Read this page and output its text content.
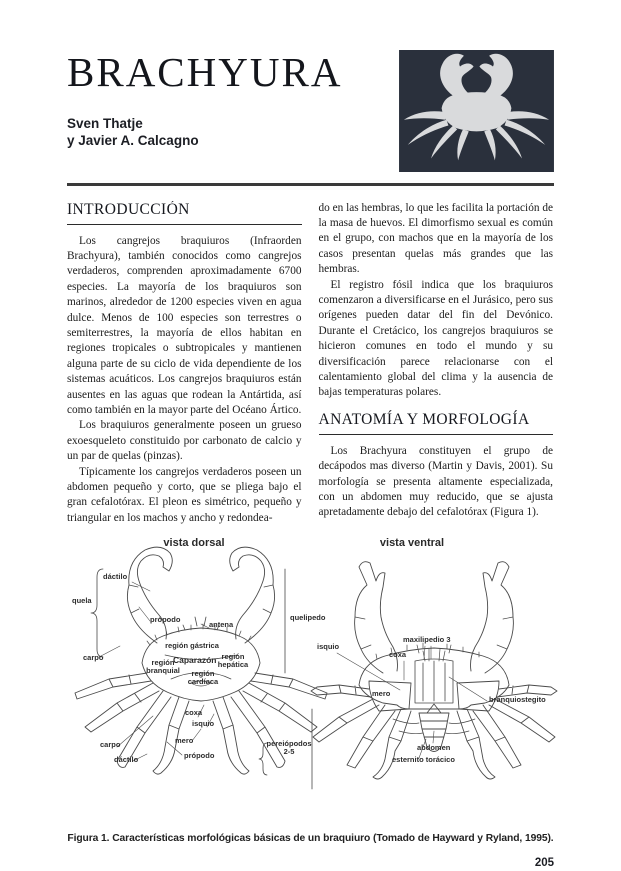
BRACHYURA
Sven Thatje
y Javier A. Calcagno
INTRODUCCIÓN

Los cangrejos braquiuros (Infraorden Brachyura), también conocidos como cangrejos verdaderos, comprenden aproximadamente 6700 especies. La mayoría de los braquiuros son marinos, alrededor de 1200 especies viven en agua dulce. Menos de 100 especies son terrestres o semiterrestres, la mayoría de ellos habitan en regiones tropicales o subtropicales y mantienen alguna parte de su ciclo de vida dependiente de los sistemas acuáticos. Los cangrejos braquiuros están ausentes en las aguas que rodean la Antártida, así como también en la mayor parte del Océano Ártico.

Los braquiuros generalmente poseen un grueso exoesqueleto constituido por carbonato de calcio y un par de quelas (pinzas).

Típicamente los cangrejos verdaderos poseen un abdomen pequeño y corto, que se pliega bajo el gran cefalotórax. El pleon es simétrico, pequeño y triangular en los machos y ancho y redondea-

do en las hembras, lo que les facilita la portación de la masa de huevos. El dimorfismo sexual es común en el grupo, con machos que en la mayoría de los casos presentan quelas más grandes que las hembras.

El registro fósil indica que los braquiuros comenzaron a diversificarse en el Jurásico, pero sus orígenes pueden datar del fin del Devónico. Durante el Cretácico, los cangrejos braquiuros se hicieron comunes en todo el mundo y su diversificación parece relacionarse con el calentamiento global del clima y la ausencia de bajas temperaturas polares.

ANATOMÍA Y MORFOLOGÍA

Los Brachyura constituyen el grupo de decápodos mas diverso (Martin y Davis, 2001). Su morfología se presenta altamente especializada, con un abdomen muy reducido, que se ajusta apretadamente debajo del cefalotórax (Figura 1).

vista dorsal	vista ventral
dáctilo
quela
própodo
antena
carpo
quelipedo
región gástrica
Caparazón región hepática
región branquial	región cardíaca
coxa
isquio
mero
carpo
dáctilo	própodo
pereiópodos 2-5
isquio
maxilipedio 3
coxa
mero
branquiostegito
abdomen
esternito torácico
Figura 1. Características morfológicas básicas de un braquiuro (Tomado de Hayward y Ryland, 1995).
205
